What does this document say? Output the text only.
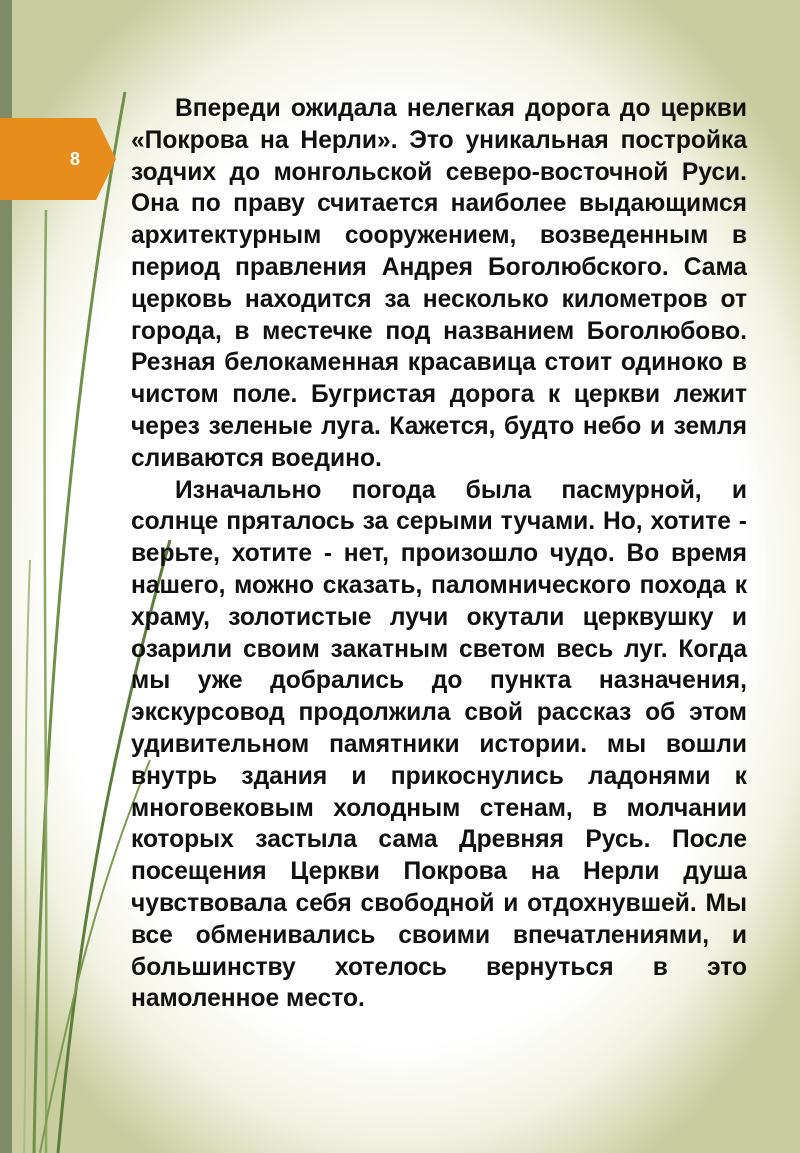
8

Впереди ожидала нелегкая дорога до церкви «Покрова на Нерли». Это уникальная постройка зодчих до монгольской северо-восточной Руси. Она по праву считается наиболее выдающимся архитектурным сооружением, возведенным в период правления Андрея Боголюбского. Сама церковь находится за несколько километров от города, в местечке под названием Боголюбово. Резная белокаменная красавица стоит одиноко в чистом поле. Бугристая дорога к церкви лежит через зеленые луга. Кажется, будто небо и земля сливаются воедино.

Изначально погода была пасмурной, и солнце пряталось за серыми тучами. Но, хотите - верьте, хотите - нет, произошло чудо. Во время нашего, можно сказать, паломнического похода к храму, золотистые лучи окутали церквушку и озарили своим закатным светом весь луг. Когда мы уже добрались до пункта назначения, экскурсовод продолжила свой рассказ об этом удивительном памятники истории. мы вошли внутрь здания и прикоснулись ладонями к многовековым холодным стенам, в молчании которых застыла сама Древняя Русь. После посещения Церкви Покрова на Нерли душа чувствовала себя свободной и отдохнувшей. Мы все обменивались своими впечатлениями, и большинству хотелось вернуться в это намоленное место.
